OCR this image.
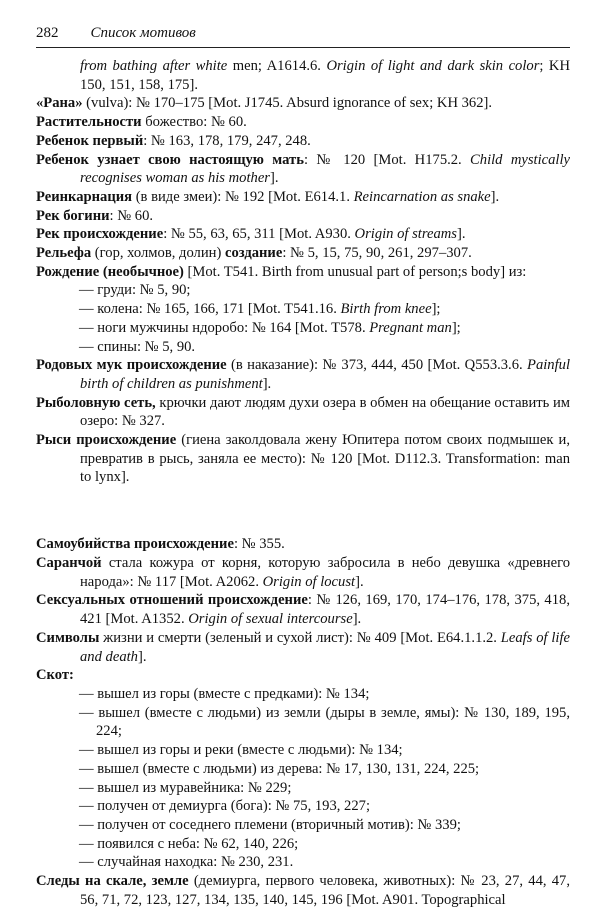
282 Список мотивов

from bathing after white men; A1614.6. Origin of light and dark skin color; KH 150, 151, 158, 175].

«Рана» (vulva): № 170–175 [Mot. J1745. Absurd ignorance of sex; KH 362].

Растительности божество: № 60.

Ребенок первый: № 163, 178, 179, 247, 248.

Ребенок узнает свою настоящую мать: № 120 [Mot. H175.2. Child mystically recognises woman as his mother].

Реинкарнация (в виде змеи): № 192 [Mot. E614.1. Reincarnation as snake].

Рек богини: № 60.

Рек происхождение: № 55, 63, 65, 311 [Mot. A930. Origin of streams].

Рельефа (гор, холмов, долин) создание: № 5, 15, 75, 90, 261, 297–307.

Рождение (необычное) [Mot. T541. Birth from unusual part of person;s body] из:

— груди: № 5, 90;

— колена: № 165, 166, 171 [Mot. T541.16. Birth from knee];

— ноги мужчины ндоробо: № 164 [Mot. T578. Pregnant man];

— спины: № 5, 90.

Родовых мук происхождение (в наказание): № 373, 444, 450 [Mot. Q553.3.6. Painful birth of children as punishment].

Рыболовную сеть, крючки дают людям духи озера в обмен на обещание оставить им озеро: № 327.

Рыси происхождение (гиена заколдовала жену Юпитера потом своих подмышек и, превратив в рысь, заняла ее место): № 120 [Mot. D112.3. Transformation: man to lynx].

Самоубийства происхождение: № 355.

Саранчой стала кожура от корня, которую забросила в небо девушка «древнего народа»: № 117 [Mot. A2062. Origin of locust].

Сексуальных отношений происхождение: № 126, 169, 170, 174–176, 178, 375, 418, 421 [Mot. A1352. Origin of sexual intercourse].

Символы жизни и смерти (зеленый и сухой лист): № 409 [Mot. E64.1.1.2. Leafs of life and death].

Скот:

— вышел из горы (вместе с предками): № 134;

— вышел (вместе с людьми) из земли (дыры в земле, ямы): № 130, 189, 195, 224;

— вышел из горы и реки (вместе с людьми): № 134;

— вышел (вместе с людьми) из дерева: № 17, 130, 131, 224, 225;

— вышел из муравейника: № 229;

— получен от демиурга (бога): № 75, 193, 227;

— получен от соседнего племени (вторичный мотив): № 339;

— появился с неба: № 62, 140, 226;

— случайная находка: № 230, 231.

Следы на скале, земле (демиурга, первого человека, животных): № 23, 27, 44, 47, 56, 71, 72, 123, 127, 134, 135, 140, 145, 196 [Mot. A901. Topographical
